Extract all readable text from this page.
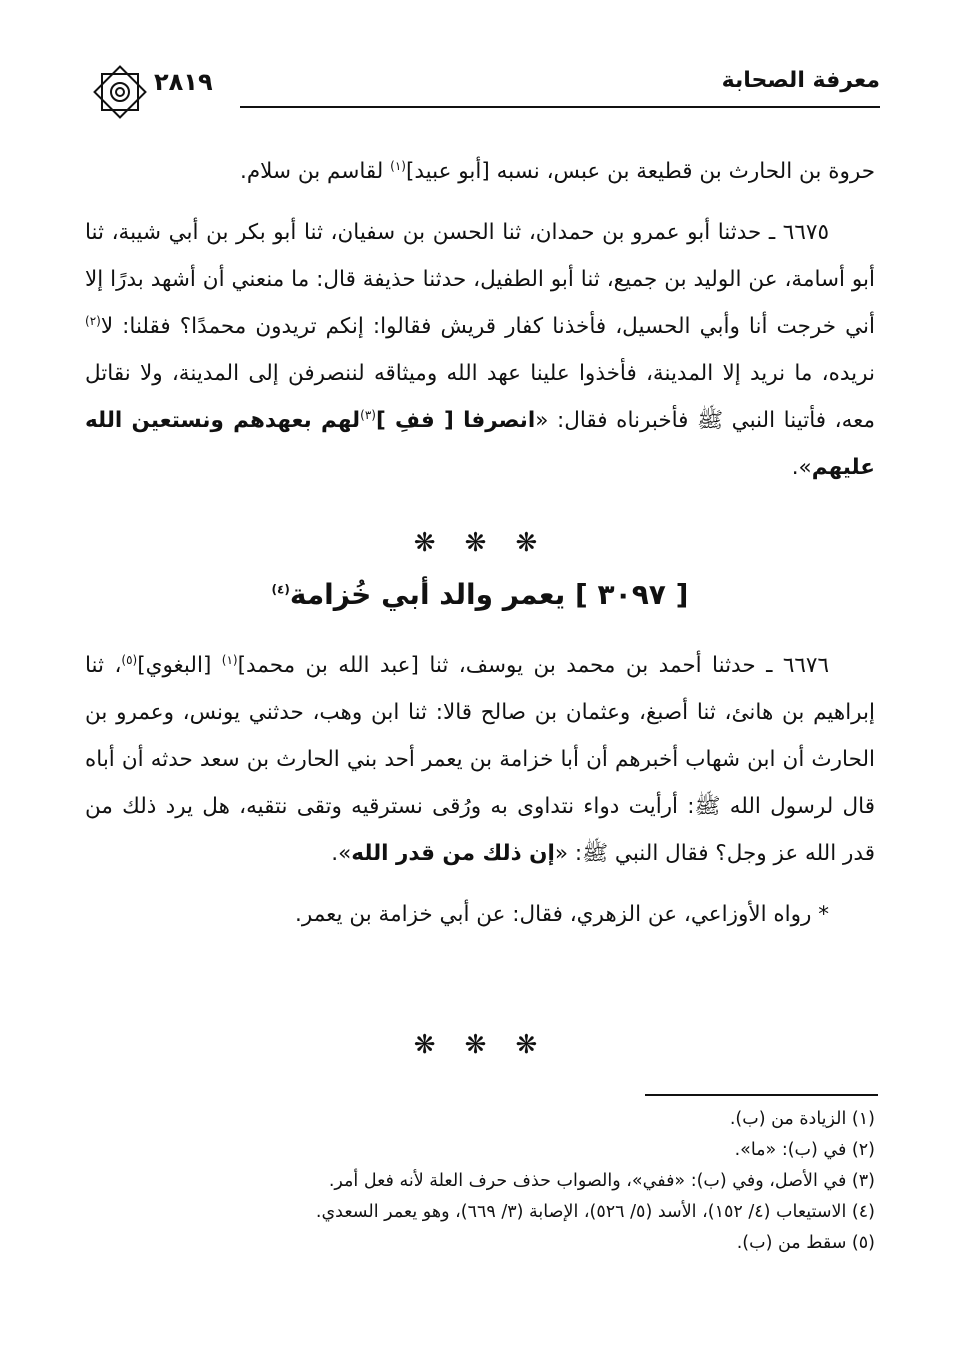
٢٨١٩	معرفة الصحابة

حروة بن الحارث بن قطيعة بن عبس، نسبه [أبو عبيد]$^{(١)}$ لقاسم بن سلام.

٦٦٧٥ ـ حدثنا أبو عمرو بن حمدان، ثنا الحسن بن سفيان، ثنا أبو بكر بن أبي شيبة، ثنا أبو أسامة، عن الوليد بن جميع، ثنا أبو الطفيل، حدثنا حذيفة قال: ما منعني أن أشهد بدرًا إلا أني خرجت أنا وأبي الحسيل، فأخذنا كفار قريش فقالوا: إنكم تريدون محمدًا؟ فقلنا: لا$^{(٢)}$ نريده، ما نريد إلا المدينة، فأخذوا علينا عهد الله وميثاقه لننصرفن إلى المدينة، ولا نقاتل معه، فأتينا النبي ﷺ فأخبرناه فقال: «انصرفا [ ففِ ]$^{(٣)}$لهم بعهدهم ونستعين الله عليهم».

❋ ❋ ❋
[ ٣٠٩٧ ] يعمر والد أبي خُزامة$^{(٤)}$

٦٦٧٦ ـ حدثنا أحمد بن محمد بن يوسف، ثنا [عبد الله بن محمد]$^{(١)}$ [البغوي]$^{(٥)}$، ثنا إبراهيم بن هانئ، ثنا أصبغ، وعثمان بن صالح قالا: ثنا ابن وهب، حدثني يونس، وعمرو بن الحارث أن ابن شهاب أخبرهم أن أبا خزامة بن يعمر أحد بني الحارث بن سعد حدثه أن أباه قال لرسول الله ﷺ: أرأيت دواء نتداوى به ورُقى نسترقيه وتقى نتقيه، هل يرد ذلك من قدر الله عز وجل؟ فقال النبي ﷺ: «إن ذلك من قدر الله».

* رواه الأوزاعي، عن الزهري، فقال: عن أبي خزامة بن يعمر.

❋ ❋ ❋

(١) الزيادة من (ب).

(٢) في (ب): «ما».

(٣) في الأصل، وفي (ب): «ففي»، والصواب حذف حرف العلة لأنه فعل أمر.

(٤) الاستيعاب (٤/ ١٥٢)، الأسد (٥/ ٥٢٦)، الإصابة (٣/ ٦٦٩)، وهو يعمر السعدي.

(٥) سقط من (ب).
